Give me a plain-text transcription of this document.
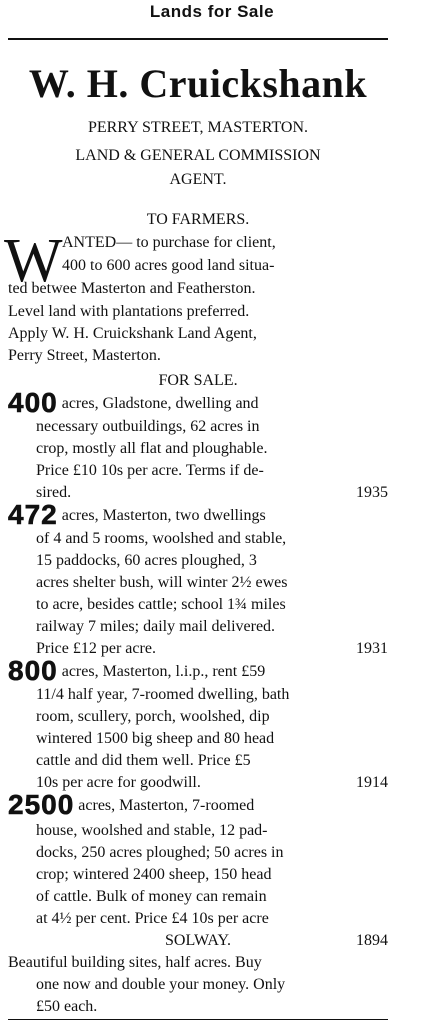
Lands for Sale
W. H. Cruickshank
PERRY STREET, MASTERTON.
LAND & GENERAL COMMISSION
AGENT.
TO FARMERS.
W ANTED— to purchase for client,
400 to 600 acres good land situa-
ted betwee Masterton and Featherston.
Level land with plantations preferred.
Apply W. H. Cruickshank Land Agent,
Perry Street, Masterton.
FOR SALE.
400 acres, Gladstone, dwelling and
necessary outbuildings, 62 acres in
crop, mostly all flat and ploughable.
Price £10 10s per acre. Terms if de-
sired.	1935
472 acres, Masterton, two dwellings
of 4 and 5 rooms, woolshed and stable,
15 paddocks, 60 acres ploughed, 3
acres shelter bush, will winter 2½ ewes
to acre, besides cattle; school 1¾ miles
railway 7 miles; daily mail delivered.
Price £12 per acre.	1931
800 acres, Masterton, l.i.p., rent £59
11/4 half year, 7-roomed dwelling, bath
room, scullery, porch, woolshed, dip
wintered 1500 big sheep and 80 head
cattle and did them well. Price £5
10s per acre for goodwill.	1914
2500 acres, Masterton, 7-roomed
house, woolshed and stable, 12 pad-
docks, 250 acres ploughed; 50 acres in
crop; wintered 2400 sheep, 150 head
of cattle. Bulk of money can remain
at 4½ per cent. Price £4 10s per acre
1894
SOLWAY.
Beautiful building sites, half acres. Buy
one now and double your money. Only
£50 each.
